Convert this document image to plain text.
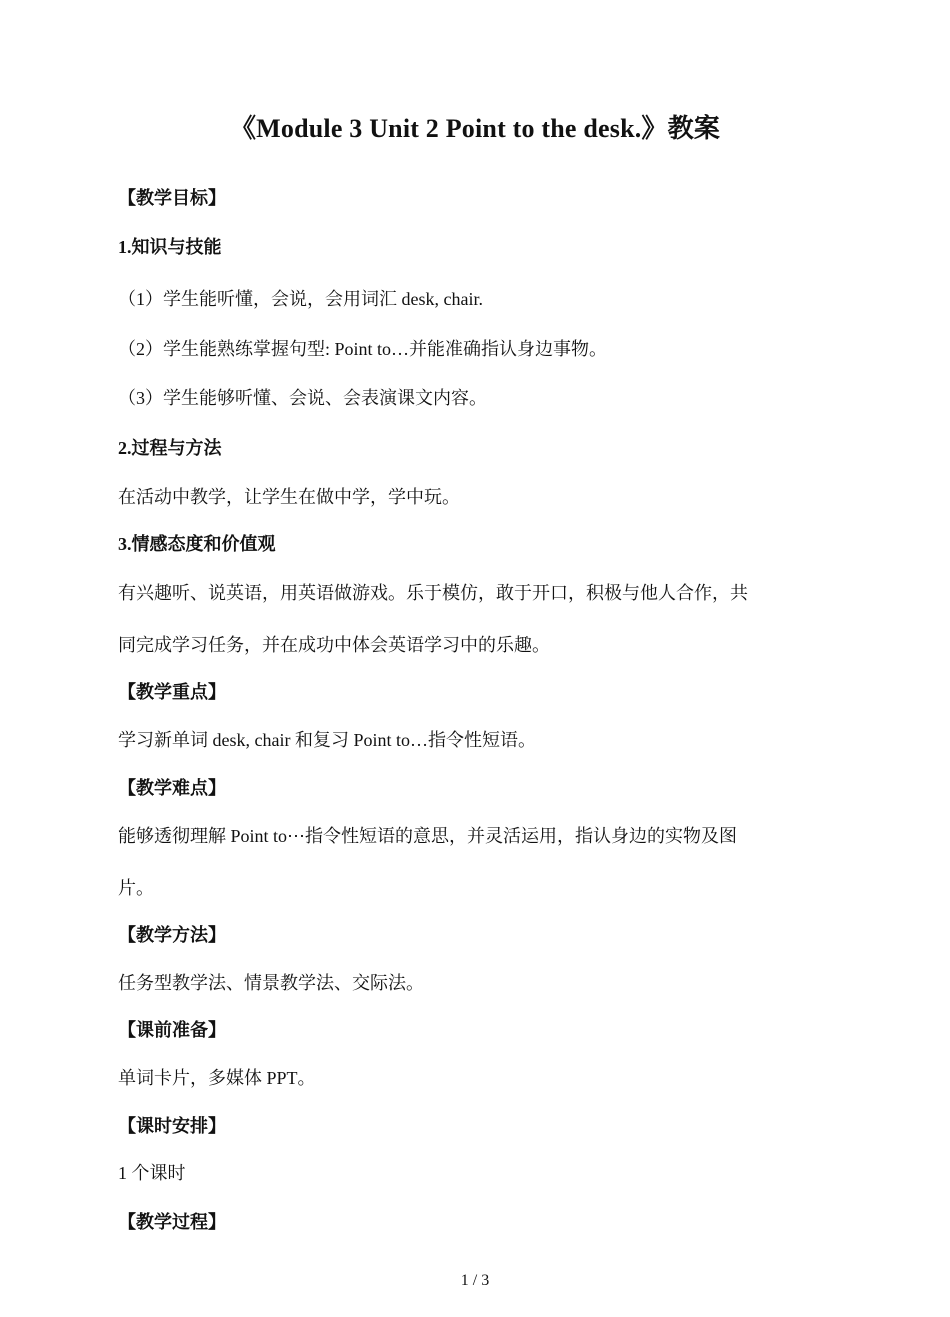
《Module 3 Unit 2 Point to the desk.》教案
【教学目标】
1.知识与技能
（1）学生能听懂，会说，会用词汇 desk, chair.
（2）学生能熟练掌握句型: Point to…并能准确指认身边事物。
（3）学生能够听懂、会说、会表演课文内容。
2.过程与方法
在活动中教学，让学生在做中学，学中玩。
3.情感态度和价值观
有兴趣听、说英语，用英语做游戏。乐于模仿，敢于开口，积极与他人合作，共
同完成学习任务，并在成功中体会英语学习中的乐趣。
【教学重点】
学习新单词 desk, chair 和复习 Point to…指令性短语。
【教学难点】
能够透彻理解 Point to⋯指令性短语的意思，并灵活运用，指认身边的实物及图
片。
【教学方法】
任务型教学法、情景教学法、交际法。
【课前准备】
单词卡片，多媒体 PPT。
【课时安排】
1 个课时
【教学过程】
1 / 3
